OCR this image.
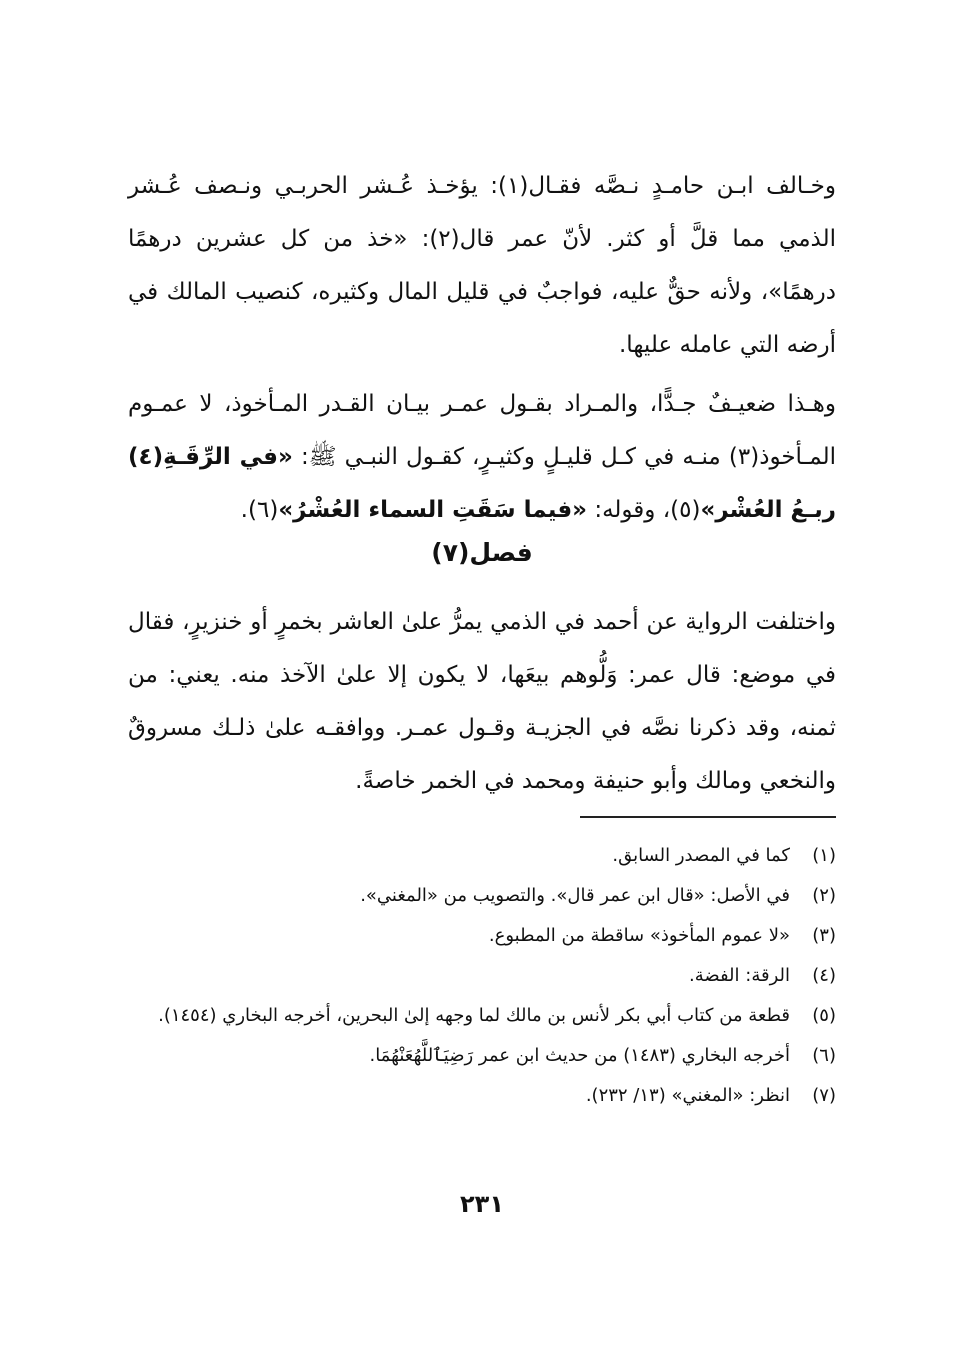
وخـالف ابـن حامـدٍ نـصَّه فقـال(١): يؤخـذ عُـشر الحربـي ونـصف عُـشر الذمي مما قلَّ أو كثر. لأنّ عمر قال(٢): «خذ من كل عشرين درهمًا درهمًا»، ولأنه حقٌّ عليه، فواجبٌ في قليل المال وكثيره، كنصيب المالك في أرضه التي عامله عليها.

وهـذا ضعيـفٌ جـدًّا، والمـراد بقـول عمـر بيـان القـدر المـأخوذ، لا عمـوم المـأخوذ(٣) منـه في كـل قليـلٍ وكثيـرٍ، كقـول النبـي ﷺ: «في الرِّقَـةِ(٤) ربـعُ العُشْر»(٥)، وقوله: «فيما سَقَتِ السماء العُشْرُ»(٦).

فصل(٧)

واختلفت الرواية عن أحمد في الذمي يمرُّ علىٰ العاشر بخمرٍ أو خنزيرٍ، فقال في موضع: قال عمر: وَلُّوهم بيعَها، لا يكون إلا علىٰ الآخذ منه. يعني: من ثمنه، وقد ذكرنا نصَّه في الجزيـة وقـول عمـر. ووافقـه علىٰ ذلـك مسروقٌ والنخعي ومالك وأبو حنيفة ومحمد في الخمر خاصةً.

(١)
كما في المصدر السابق.
(٢)
في الأصل: «قال ابن عمر قال». والتصويب من «المغني».
(٣)
«لا عموم المأخوذ» ساقطة من المطبوع.
(٤)
الرقة: الفضة.
(٥)
قطعة من كتاب أبي بكر لأنس بن مالك لما وجهه إلىٰ البحرين، أخرجه البخاري (١٤٥٤).
(٦)
أخرجه البخاري (١٤٨٣) من حديث ابن عمر رَضِيَٱللَّهُعَنْهُمَا.
(٧)
انظر: «المغني» (١٣/ ٢٣٢).
٢٣١
